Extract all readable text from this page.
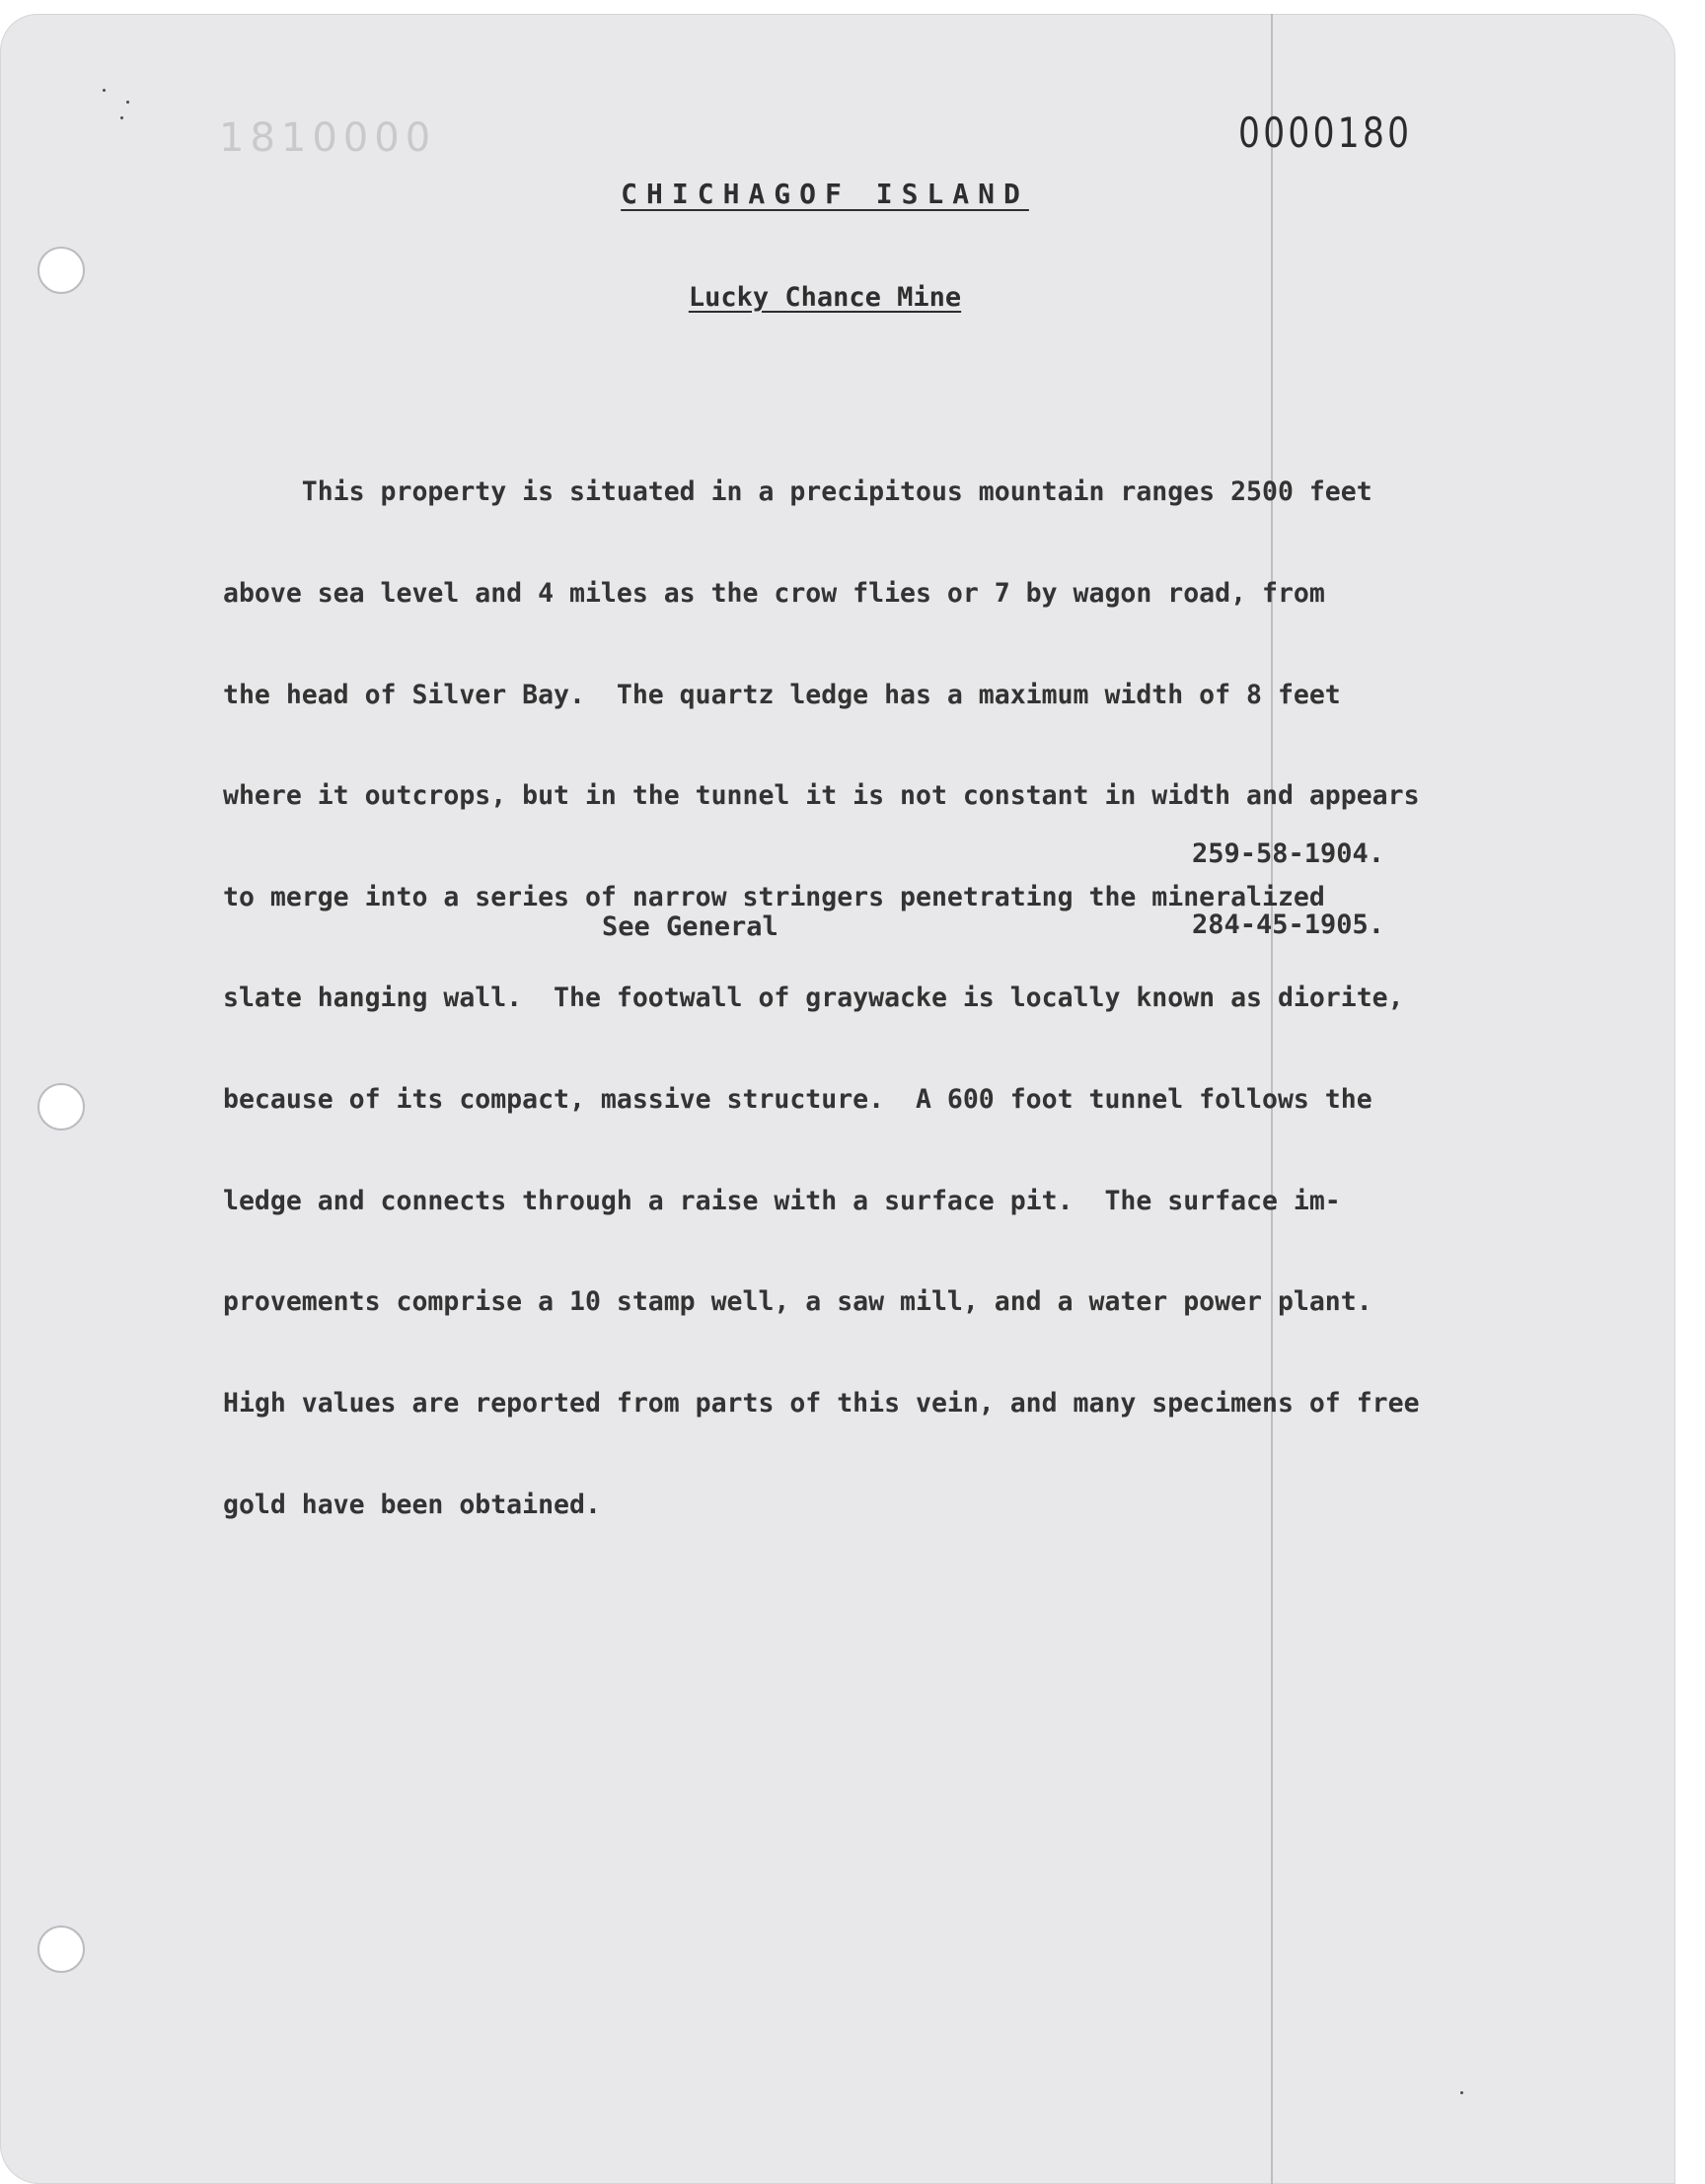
1810000	0000180
CHICHAGOF ISLAND
Lucky Chance Mine

This property is situated in a precipitous mountain ranges 2500 feet

above sea level and 4 miles as the crow flies or 7 by wagon road, from

the head of Silver Bay.  The quartz ledge has a maximum width of 8 feet

where it outcrops, but in the tunnel it is not constant in width and appears

to merge into a series of narrow stringers penetrating the mineralized

slate hanging wall.  The footwall of graywacke is locally known as diorite,

because of its compact, massive structure.  A 600 foot tunnel follows the

ledge and connects through a raise with a surface pit.  The surface im-

provements comprise a 10 stamp well, a saw mill, and a water power plant.

High values are reported from parts of this vein, and many specimens of free

gold have been obtained.

259-58-1904.
See General	284-45-1905.
